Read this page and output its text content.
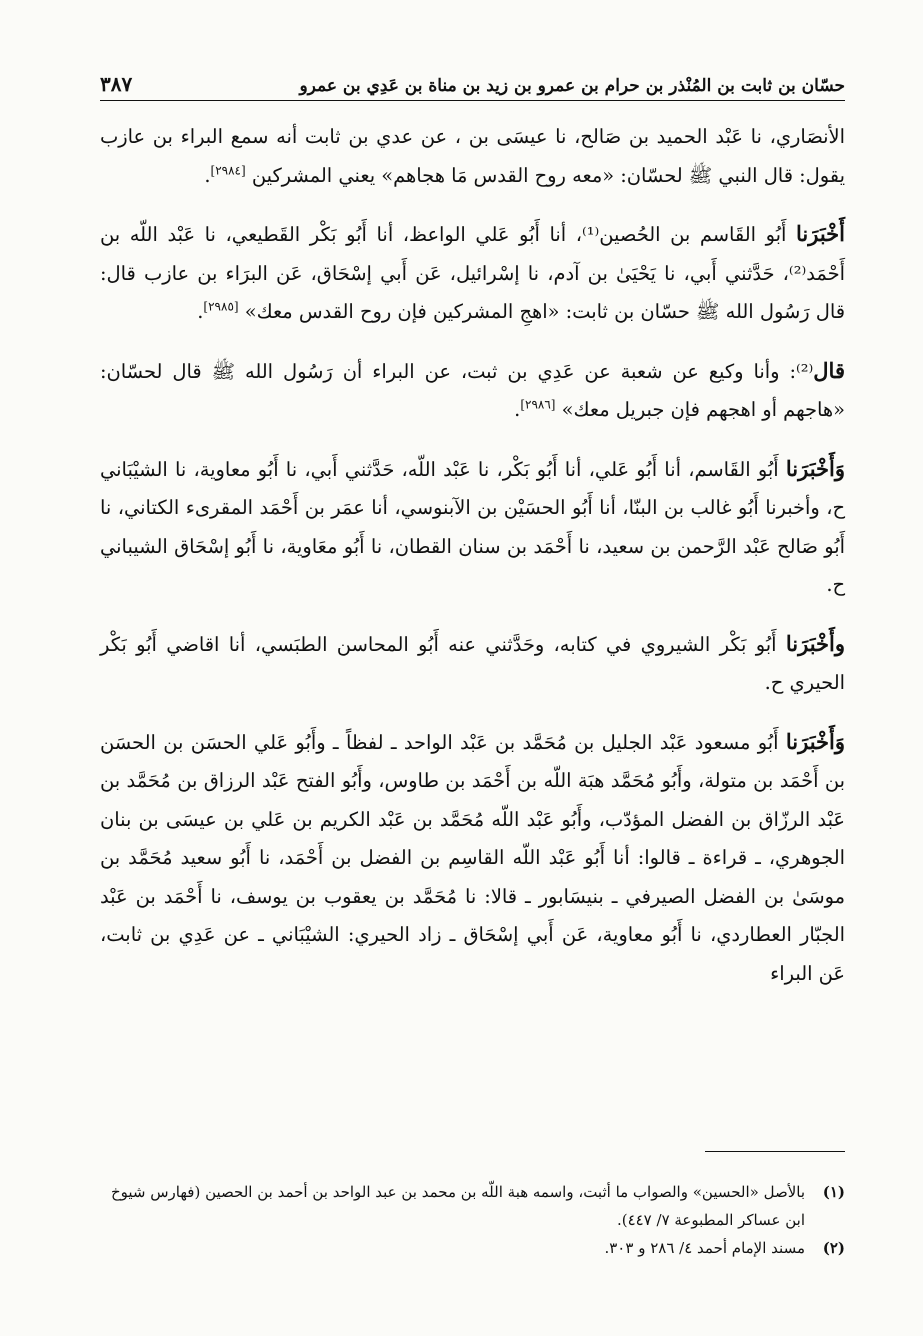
حسّان بن ثابت بن المُنْذر بن حرام بن عمرو بن زيد بن مناة بن عَدِي بن عمرو
٣٨٧

الأنصَاري، نا عَبْد الحميد بن صَالح، نا عيسَى بن ، عن عدي بن ثابت أنه سمع البراء بن عازب يقول: قال النبي ﷺ لحسّان: «معه روح القدس مَا هجاهم» يعني المشركين [٢٩٨٤].

أَخْبَرَنا أَبُو القَاسم بن الحُصين⁽¹⁾، أنا أَبُو عَلي الواعظ، أنا أَبُو بَكْر القَطيعي، نا عَبْد اللّه بن أَحْمَد⁽²⁾، حَدَّثني أَبي، نا يَحْيَىٰ بن آدم، نا إسْرائيل، عَن أَبي إسْحَاق، عَن البرَاء بن عازب قال: قال رَسُول الله ﷺ حسّان بن ثابت: «اهجِ المشركين فإن روح القدس معك» [٢٩٨٥].

قال⁽²⁾: وأنا وكيع عن شعبة عن عَدِي بن ثبت، عن البراء أن رَسُول الله ﷺ قال لحسّان: «هاجهم أو اهجهم فإن جبريل معك» [٢٩٨٦].

وَأَخْبَرَنا أَبُو القَاسم، أنا أَبُو عَلي، أنا أَبُو بَكْر، نا عَبْد اللّه، حَدَّثني أَبي، نا أَبُو معاوية، نا الشيْبَاني ح، وأخبرنا أَبُو غالب بن البنّا، أنا أَبُو الحسَيْن بن الآبنوسي، أنا عمَر بن أَحْمَد المقرىء الكتاني، نا أَبُو صَالح عَبْد الرَّحمن بن سعيد، نا أَحْمَد بن سنان القطان، نا أَبُو معَاوية، نا أَبُو إسْحَاق الشيباني ح.

وأَخْبَرَنا أَبُو بَكْر الشيروي في كتابه، وحَدَّثني عنه أَبُو المحاسن الطبَسي، أنا اقاضي أَبُو بَكْر الحيري ح.

وَأَخْبَرَنا أَبُو مسعود عَبْد الجليل بن مُحَمَّد بن عَبْد الواحد ـ لفظاً ـ وأَبُو عَلي الحسَن بن الحسَن بن أَحْمَد بن متولة، وأَبُو مُحَمَّد هبَة اللّه بن أَحْمَد بن طاوس، وأَبُو الفتح عَبْد الرزاق بن مُحَمَّد بن عَبْد الرزّاق بن الفضل المؤدّب، وأَبُو عَبْد اللّه مُحَمَّد بن عَبْد الكريم بن عَلي بن عيسَى بن بنان الجوهري، ـ قراءة ـ قالوا: أنا أَبُو عَبْد اللّه القاسِم بن الفضل بن أَحْمَد، نا أَبُو سعيد مُحَمَّد بن موسَىٰ بن الفضل الصيرفي ـ بنيسَابور ـ قالا: نا مُحَمَّد بن يعقوب بن يوسف، نا أَحْمَد بن عَبْد الجبّار العطاردي، نا أَبُو معاوية، عَن أَبي إسْحَاق ـ زاد الحيري: الشيْبَاني ـ عن عَدِي بن ثابت، عَن البراء

(١)
بالأصل «الحسين» والصواب ما أثبت، واسمه هبة اللّه بن محمد بن عبد الواحد بن أحمد بن الحصين (فهارس شيوخ ابن عساكر المطبوعة ٧/ ٤٤٧).
(٢)
مسند الإمام أحمد ٤/ ٢٨٦ و ٣٠٣.
